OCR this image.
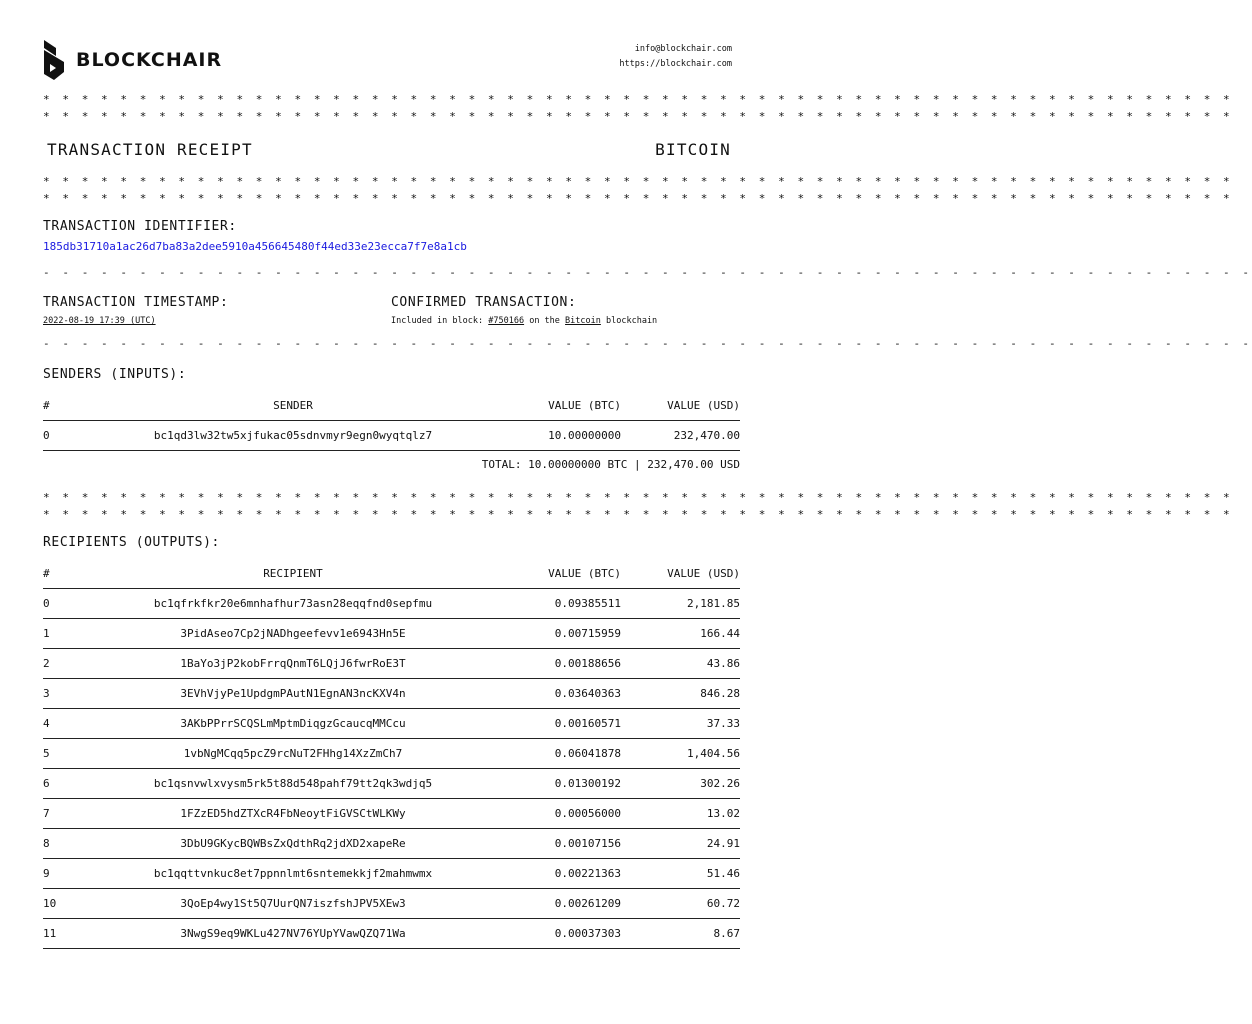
BLOCKCHAIR	info@blockchair.com
https://blockchair.com
* * * * * * * * * * * * * * * * * * * * * * * * * * * * * * * * * * * * * * * * * * * * * * * * * * * * * * * * * * * * * *
* * * * * * * * * * * * * * * * * * * * * * * * * * * * * * * * * * * * * * * * * * * * * * * * * * * * * * * * * * * * * *
TRANSACTION RECEIPT	BITCOIN
* * * * * * * * * * * * * * * * * * * * * * * * * * * * * * * * * * * * * * * * * * * * * * * * * * * * * * * * * * * * * *
* * * * * * * * * * * * * * * * * * * * * * * * * * * * * * * * * * * * * * * * * * * * * * * * * * * * * * * * * * * * * *
TRANSACTION IDENTIFIER:
185db31710a1ac26d7ba83a2dee5910a456645480f44ed33e23ecca7f7e8a1cb
- - - - - - - - - - - - - - - - - - - - - - - - - - - - - - - - - - - - - - - - - - - - - - - - - - - - - - - - - - - - - - -
TRANSACTION TIMESTAMP:
2022-08-19 17:39 (UTC)
CONFIRMED TRANSACTION:
Included in block: #750166 on the Bitcoin blockchain
- - - - - - - - - - - - - - - - - - - - - - - - - - - - - - - - - - - - - - - - - - - - - - - - - - - - - - - - - - - - - - -
SENDERS (INPUTS):
#	SENDER	VALUE (BTC)	VALUE (USD)
0	bc1qd3lw32tw5xjfukac05sdnvmyr9egn0wyqtqlz7	10.00000000	232,470.00
TOTAL: 10.00000000 BTC | 232,470.00 USD
* * * * * * * * * * * * * * * * * * * * * * * * * * * * * * * * * * * * * * * * * * * * * * * * * * * * * * * * * * * * * *
* * * * * * * * * * * * * * * * * * * * * * * * * * * * * * * * * * * * * * * * * * * * * * * * * * * * * * * * * * * * * *
RECIPIENTS (OUTPUTS):
#	RECIPIENT	VALUE (BTC)	VALUE (USD)
0	bc1qfrkfkr20e6mnhafhur73asn28eqqfnd0sepfmu	0.09385511	2,181.85
1	3PidAseo7Cp2jNADhgeefevv1e6943Hn5E	0.00715959	166.44
2	1BaYo3jP2kobFrrqQnmT6LQjJ6fwrRoE3T	0.00188656	43.86
3	3EVhVjyPe1UpdgmPAutN1EgnAN3ncKXV4n	0.03640363	846.28
4	3AKbPPrrSCQSLmMptmDiqgzGcaucqMMCcu	0.00160571	37.33
5	1vbNgMCqq5pcZ9rcNuT2FHhg14XzZmCh7	0.06041878	1,404.56
6	bc1qsnvwlxvysm5rk5t88d548pahf79tt2qk3wdjq5	0.01300192	302.26
7	1FZzED5hdZTXcR4FbNeoytFiGVSCtWLKWy	0.00056000	13.02
8	3DbU9GKycBQWBsZxQdthRq2jdXD2xapeRe	0.00107156	24.91
9	bc1qqttvnkuc8et7ppnnlmt6sntemekkjf2mahmwmx	0.00221363	51.46
10	3QoEp4wy1St5Q7UurQN7iszfshJPV5XEw3	0.00261209	60.72
11	3NwgS9eq9WKLu427NV76YUpYVawQZQ71Wa	0.00037303	8.67
